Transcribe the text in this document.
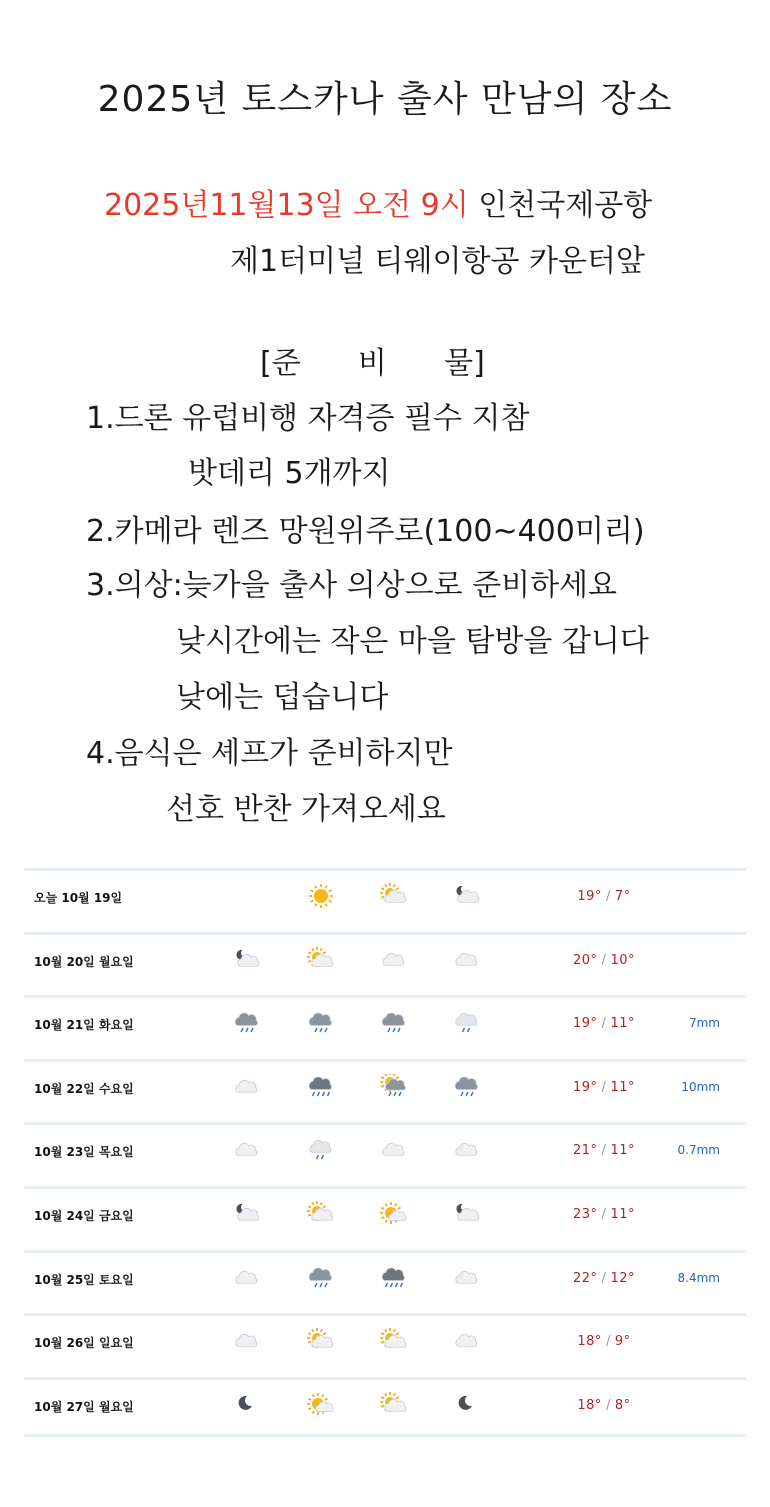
2025년 토스카나 출사 만남의 장소
2025년11월13일 오전 9시 인천국제공항
제1터미널 티웨이항공 카운터앞
[준      비      물]
1.드론 유럽비행 자격증 필수 지참
밧데리 5개까지
2.카메라 렌즈 망원위주로(100~400미리)
3.의상:늦가을 출사 의상으로 준비하세요
낮시간에는 작은 마을 탐방을 갑니다
낮에는 덥습니다
4.음식은 셰프가 준비하지만
선호 반찬 가져오세요
오늘 10월 19일	19° / 7°
10월 20일 월요일	20° / 10°
10월 21일 화요일	19° / 11°	7mm
10월 22일 수요일	19° / 11°	10mm
10월 23일 목요일	21° / 11°	0.7mm
10월 24일 금요일	23° / 11°
10월 25일 토요일	22° / 12°	8.4mm
10월 26일 일요일	18° / 9°
10월 27일 월요일	18° / 8°
